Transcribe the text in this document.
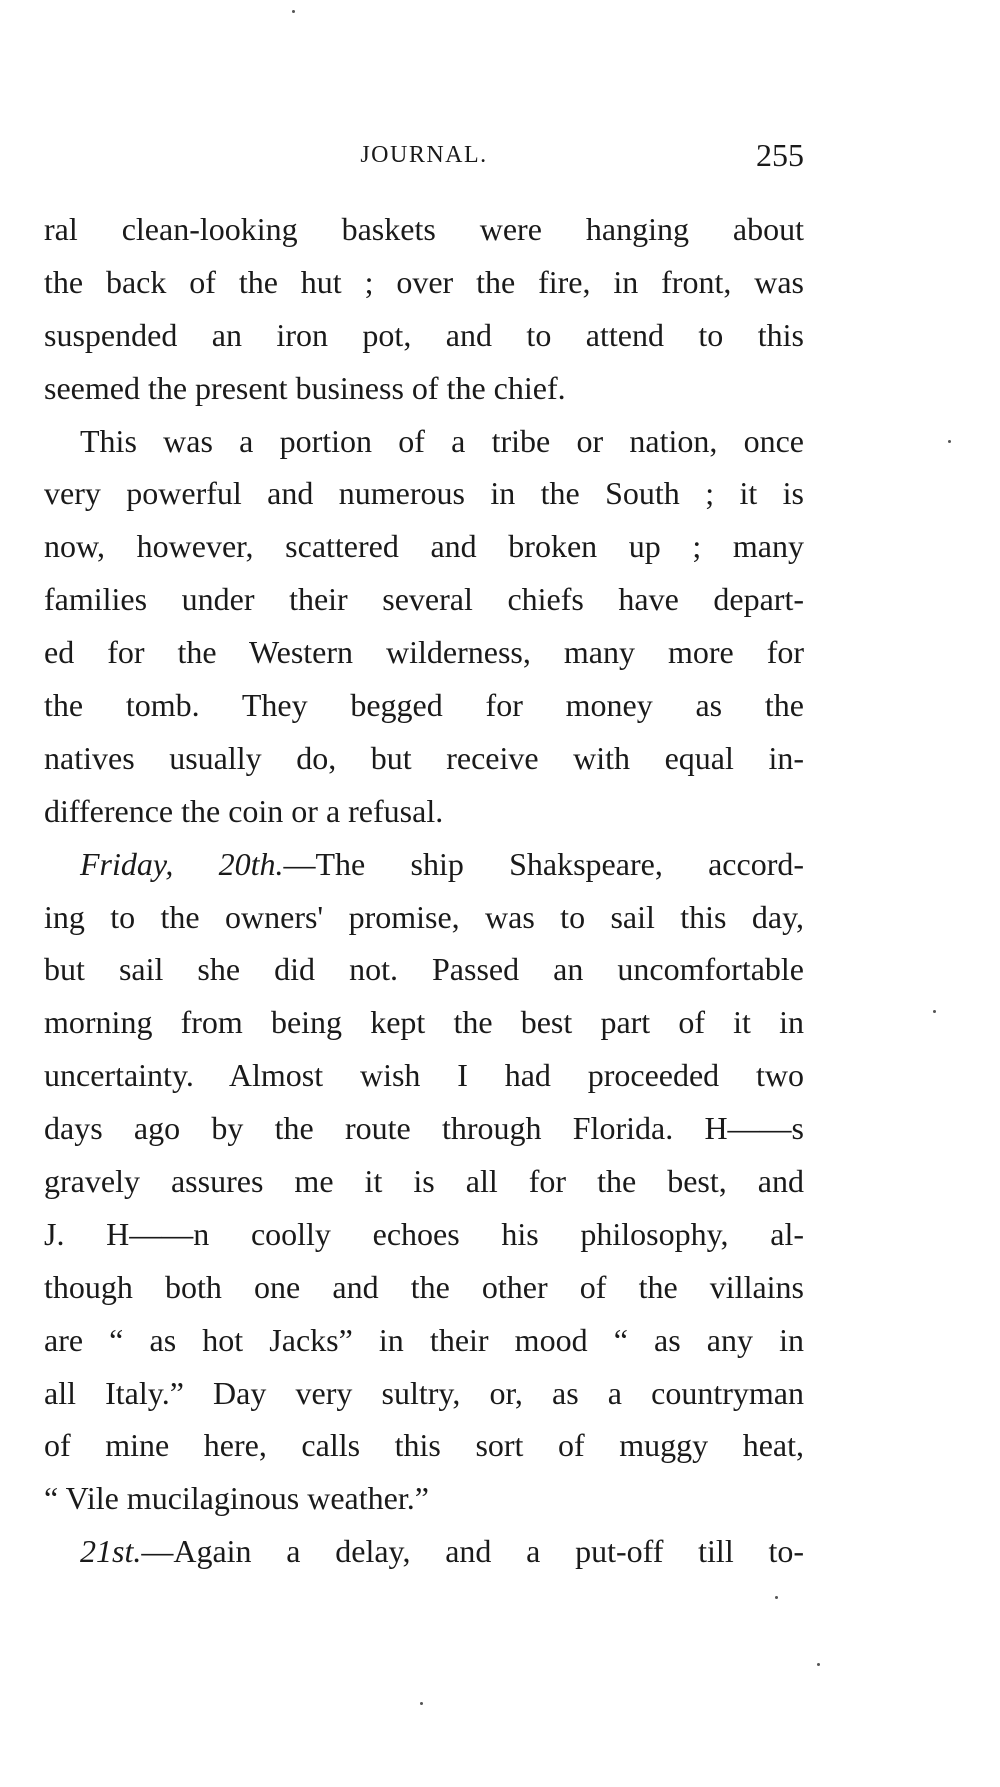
JOURNAL.	255
ral clean-looking baskets were hanging about
the back of the hut ; over the fire, in front, was
suspended an iron pot, and to attend to this
seemed the present business of the chief.
This was a portion of a tribe or nation, once
very powerful and numerous in the South ; it is
now, however, scattered and broken up ; many
families under their several chiefs have depart-
ed for the Western wilderness, many more for
the tomb. They begged for money as the
natives usually do, but receive with equal in-
difference the coin or a refusal.
Friday, 20th.—The ship Shakspeare, accord-
ing to the owners' promise, was to sail this day,
but sail she did not. Passed an uncomfortable
morning from being kept the best part of it in
uncertainty. Almost wish I had proceeded two
days ago by the route through Florida. H——s
gravely assures me it is all for the best, and
J. H——n coolly echoes his philosophy, al-
though both one and the other of the villains
are “ as hot Jacks” in their mood “ as any in
all Italy.” Day very sultry, or, as a countryman
of mine here, calls this sort of muggy heat,
“ Vile mucilaginous weather.”
21st.—Again a delay, and a put-off till to-
